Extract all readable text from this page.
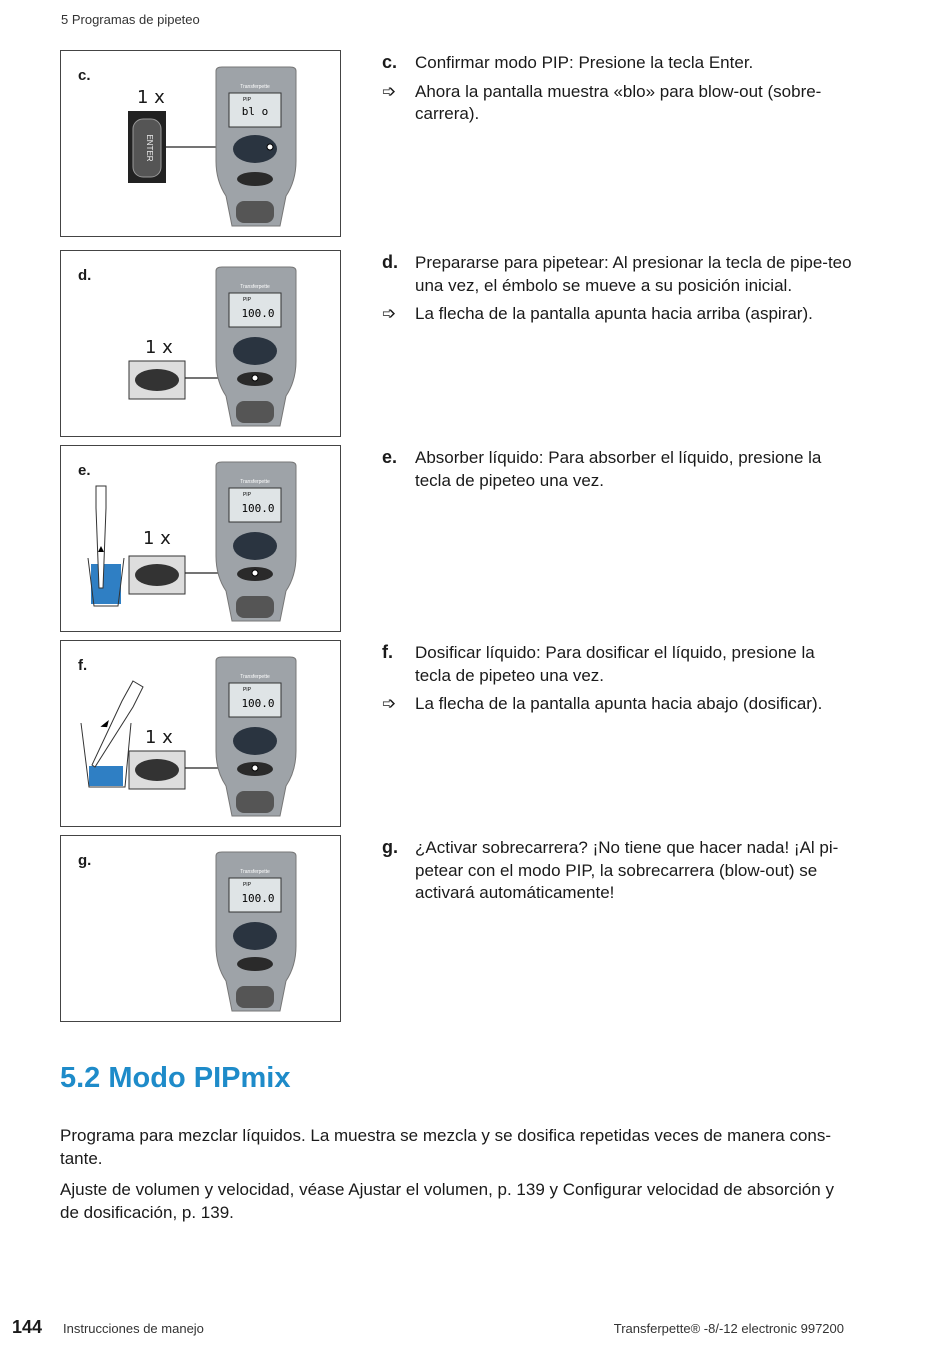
5 Programas de pipeteo
c.
1 x
ENTER
bl o
Transferpette
PIP
c. Confirmar modo PIP: Presione la tecla Enter.
➩ Ahora la pantalla muestra «blo» para blow-out (sobre-carrera).
d.
1 x
100.0
Transferpette
PIP
d. Prepararse para pipetear: Al presionar la tecla de pipe-teo una vez, el émbolo se mueve a su posición inicial.
➩ La flecha de la pantalla apunta hacia arriba (aspirar).
e.
1 x
100.0
Transferpette
PIP
e. Absorber líquido: Para absorber el líquido, presione la tecla de pipeteo una vez.
f.
1 x
100.0
Transferpette
PIP
f. Dosificar líquido: Para dosificar el líquido, presione la tecla de pipeteo una vez.
➩ La flecha de la pantalla apunta hacia abajo (dosificar).
g.
100.0
Transferpette
PIP
g. ¿Activar sobrecarrera? ¡No tiene que hacer nada! ¡Al pi-petear con el modo PIP, la sobrecarrera (blow-out) se activará automáticamente!
5.2 Modo PIPmix
Programa para mezclar líquidos. La muestra se mezcla y se dosifica repetidas veces de manera cons-tante.
Ajuste de volumen y velocidad, véase Ajustar el volumen, p. 139 y Configurar velocidad de absorción y de dosificación, p. 139.
144 Instrucciones de manejo	Transferpette® -8/-12 electronic 997200
